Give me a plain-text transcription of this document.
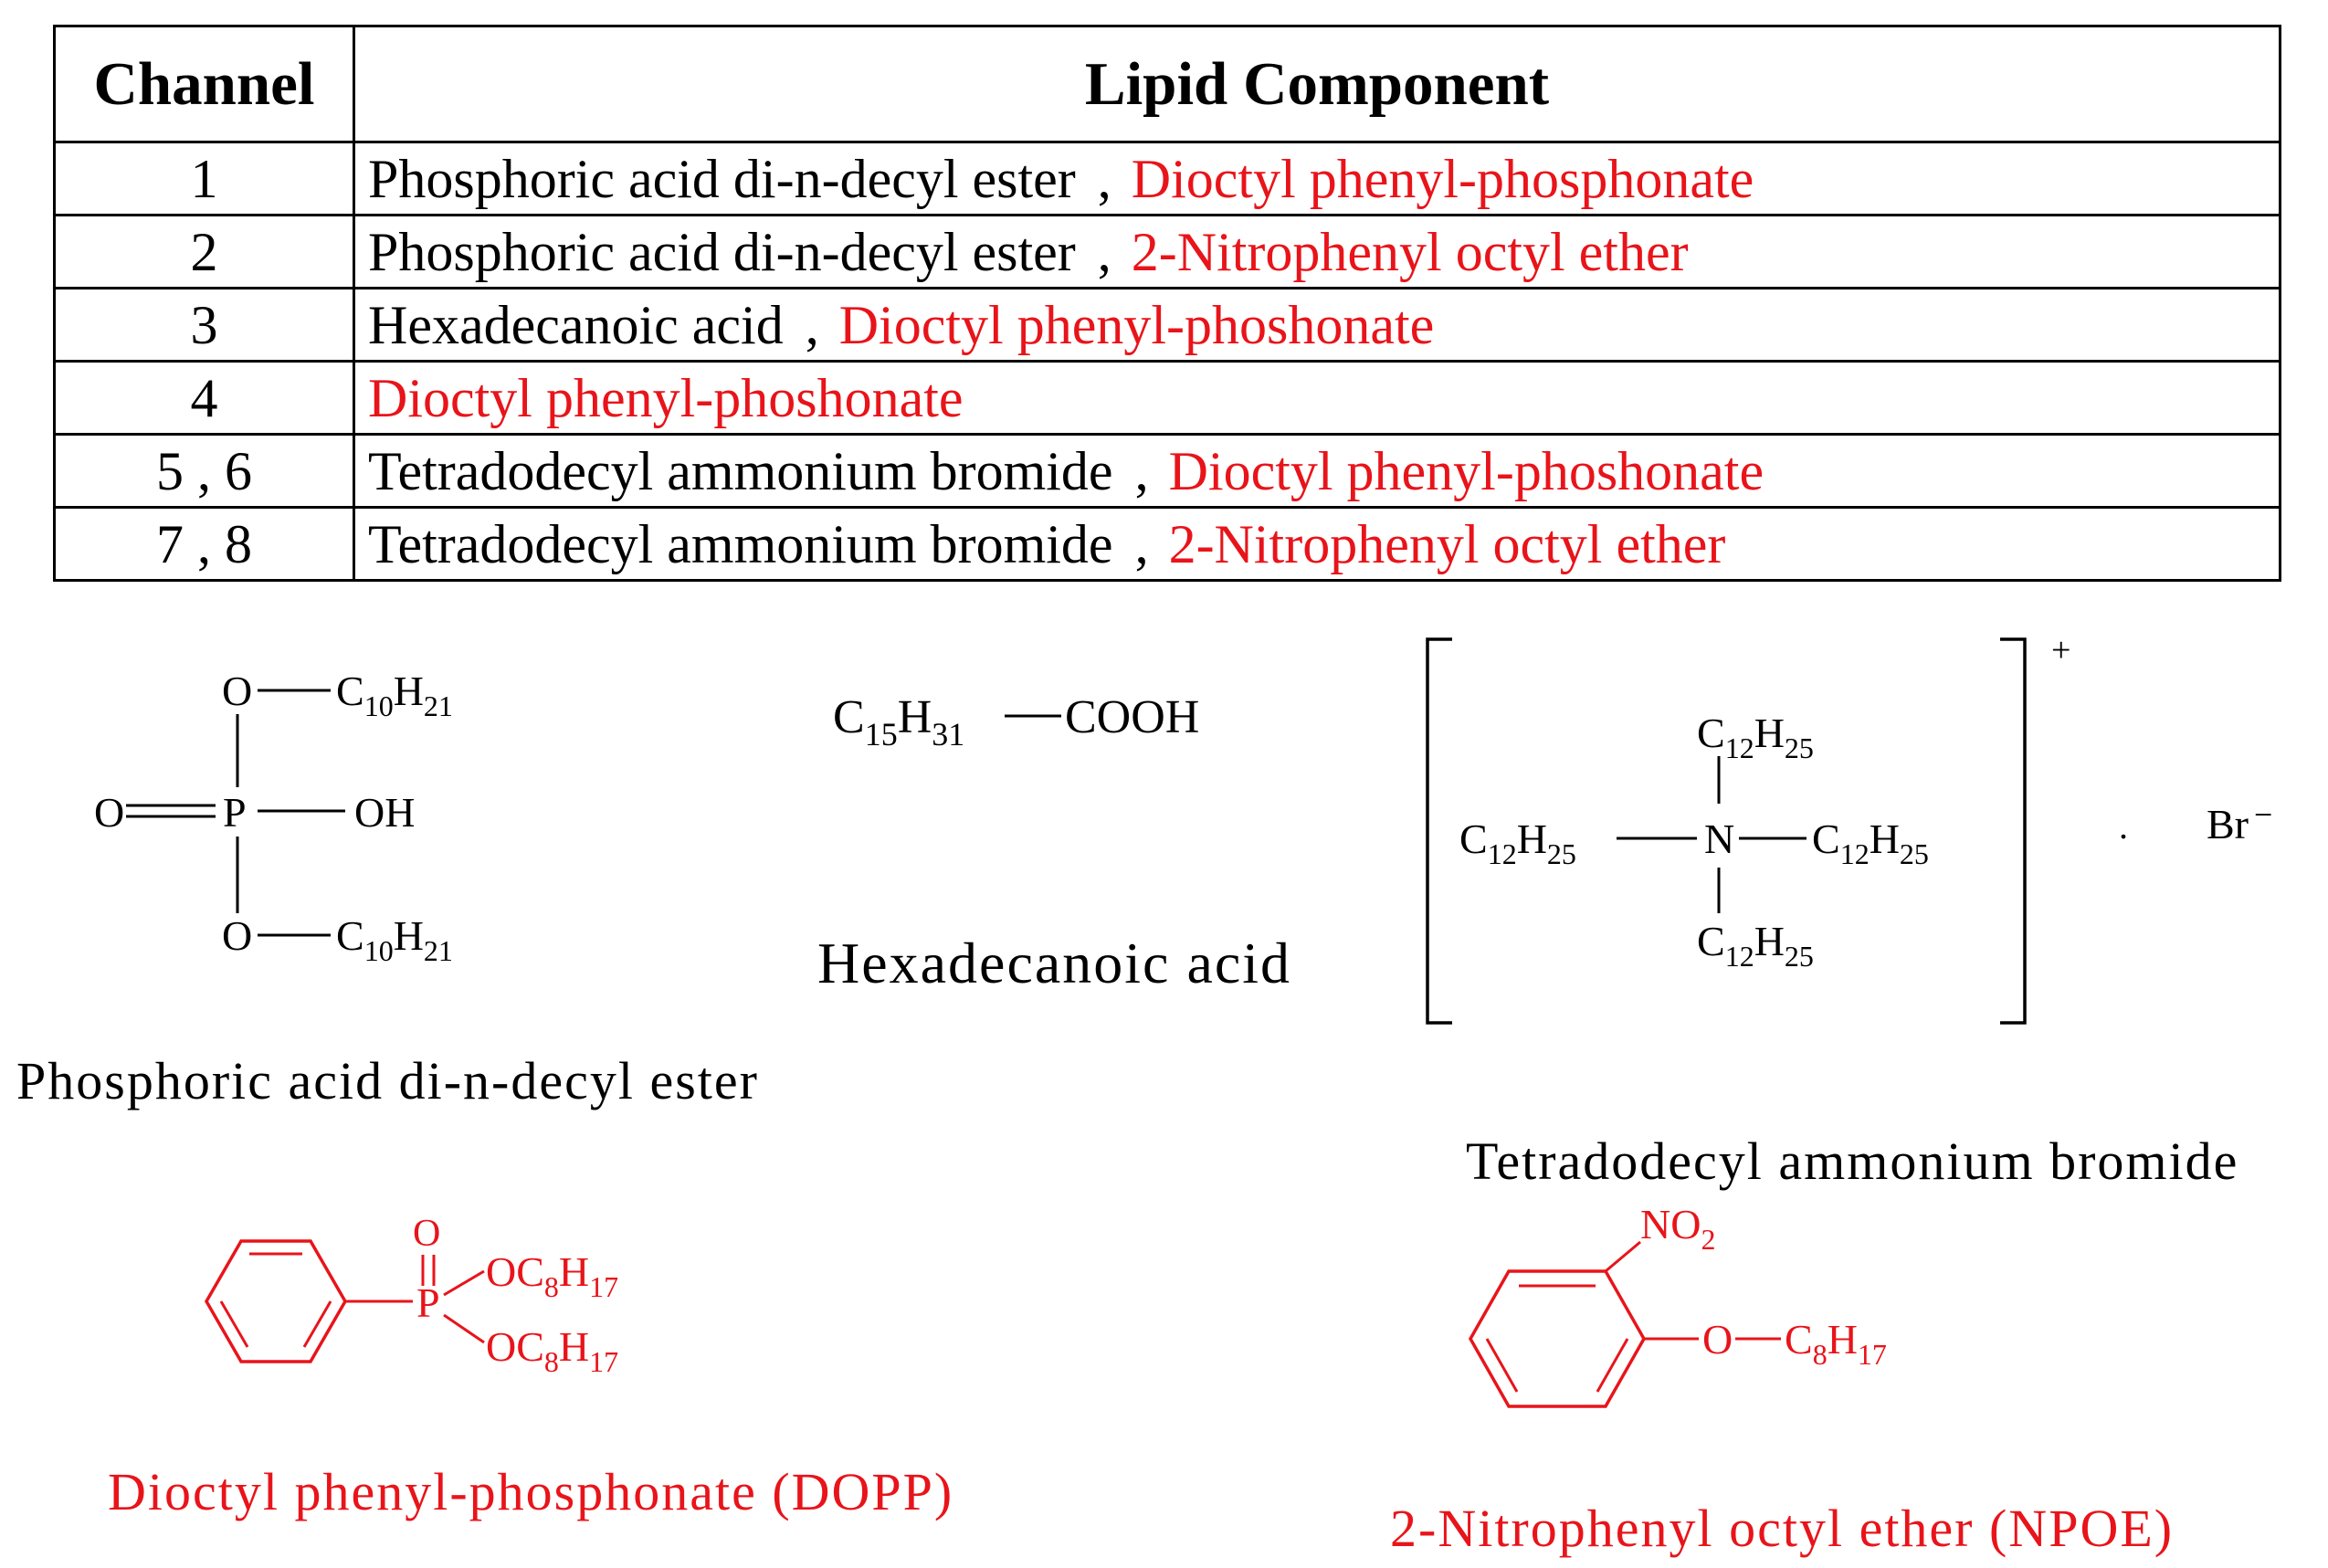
Channel	Lipid Component
1	Phosphoric acid di-n-decyl ester , Dioctyl phenyl-phosphonate
2	Phosphoric acid di-n-decyl ester , 2-Nitrophenyl octyl ether
3	Hexadecanoic acid , Dioctyl phenyl-phoshonate
4	Dioctyl phenyl-phoshonate
5 , 6	Tetradodecyl ammonium bromide , Dioctyl phenyl-phoshonate
7 , 8	Tetradodecyl ammonium bromide , 2-Nitrophenyl octyl ether
O $C_{10}H_{21}$
O P	OH
O $C_{10}H_{21}$
$C_{15}H_{31}$ COOH
+
$C_{12}H_{25}$
$C_{12}H_{25}$	N $C_{12}H_{25}$
$C_{12}H_{25}$
. Br −
P
O
$OC_8H_{17}$
$OC_8H_{17}$
$NO_2$
O $C_8H_{17}$
Phosphoric acid di-n-decyl ester
Hexadecanoic acid
Tetradodecyl ammonium bromide
Dioctyl phenyl-phosphonate (DOPP)
2-Nitrophenyl octyl ether (NPOE)
